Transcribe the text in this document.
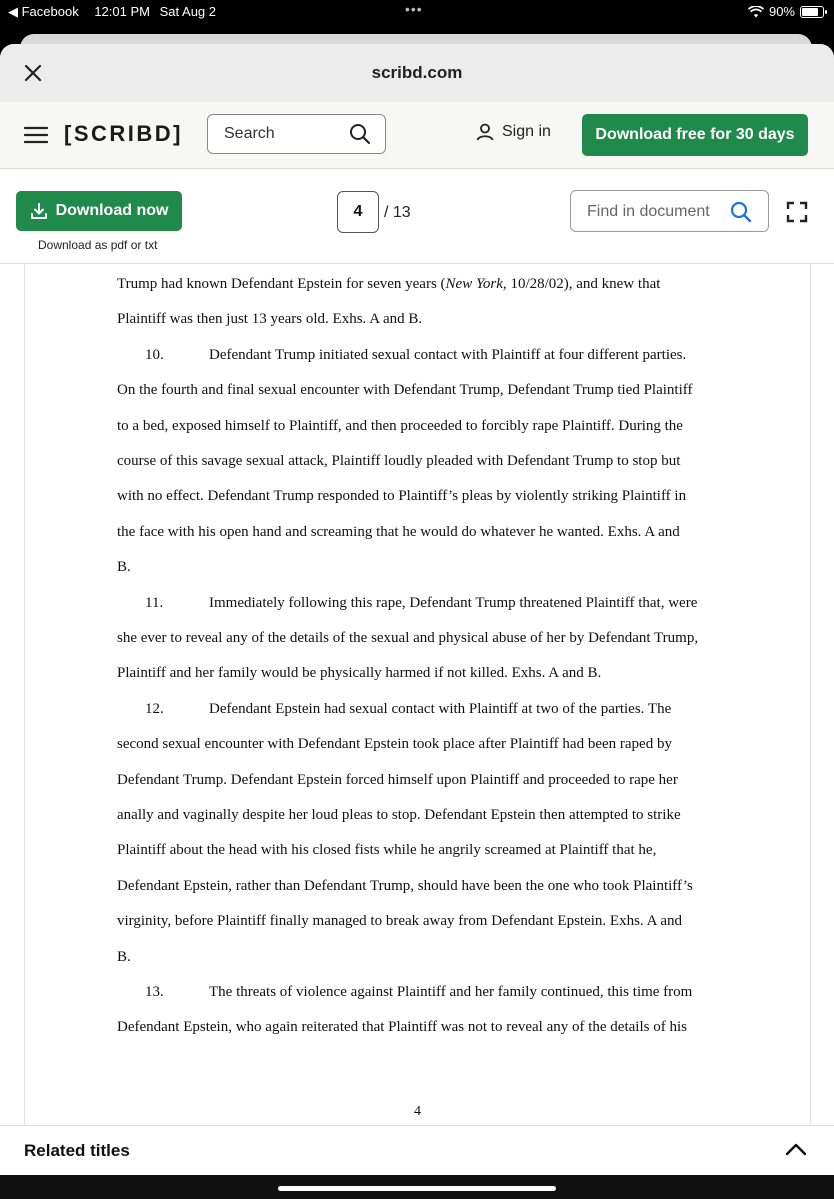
◀ Facebook 12:01 PM Sat Aug 2	•••	90%
scribd.com
[SCRIBD]	Search	Sign in	Download free for 30 days
Download now
Download as pdf or txt
4	/ 13	Find in document
Trump had known Defendant Epstein for seven years (New York, 10/28/02), and knew that
Plaintiff was then just 13 years old. Exhs. A and B.
10.	Defendant Trump initiated sexual contact with Plaintiff at four different parties.
On the fourth and final sexual encounter with Defendant Trump, Defendant Trump tied Plaintiff
to a bed, exposed himself to Plaintiff, and then proceeded to forcibly rape Plaintiff. During the
course of this savage sexual attack, Plaintiff loudly pleaded with Defendant Trump to stop but
with no effect. Defendant Trump responded to Plaintiff’s pleas by violently striking Plaintiff in
the face with his open hand and screaming that he would do whatever he wanted. Exhs. A and
B.
11.	Immediately following this rape, Defendant Trump threatened Plaintiff that, were
she ever to reveal any of the details of the sexual and physical abuse of her by Defendant Trump,
Plaintiff and her family would be physically harmed if not killed. Exhs. A and B.
12.	Defendant Epstein had sexual contact with Plaintiff at two of the parties. The
second sexual encounter with Defendant Epstein took place after Plaintiff had been raped by
Defendant Trump. Defendant Epstein forced himself upon Plaintiff and proceeded to rape her
anally and vaginally despite her loud pleas to stop. Defendant Epstein then attempted to strike
Plaintiff about the head with his closed fists while he angrily screamed at Plaintiff that he,
Defendant Epstein, rather than Defendant Trump, should have been the one who took Plaintiff’s
virginity, before Plaintiff finally managed to break away from Defendant Epstein. Exhs. A and
B.
13.	The threats of violence against Plaintiff and her family continued, this time from
Defendant Epstein, who again reiterated that Plaintiff was not to reveal any of the details of his
4
Related titles
